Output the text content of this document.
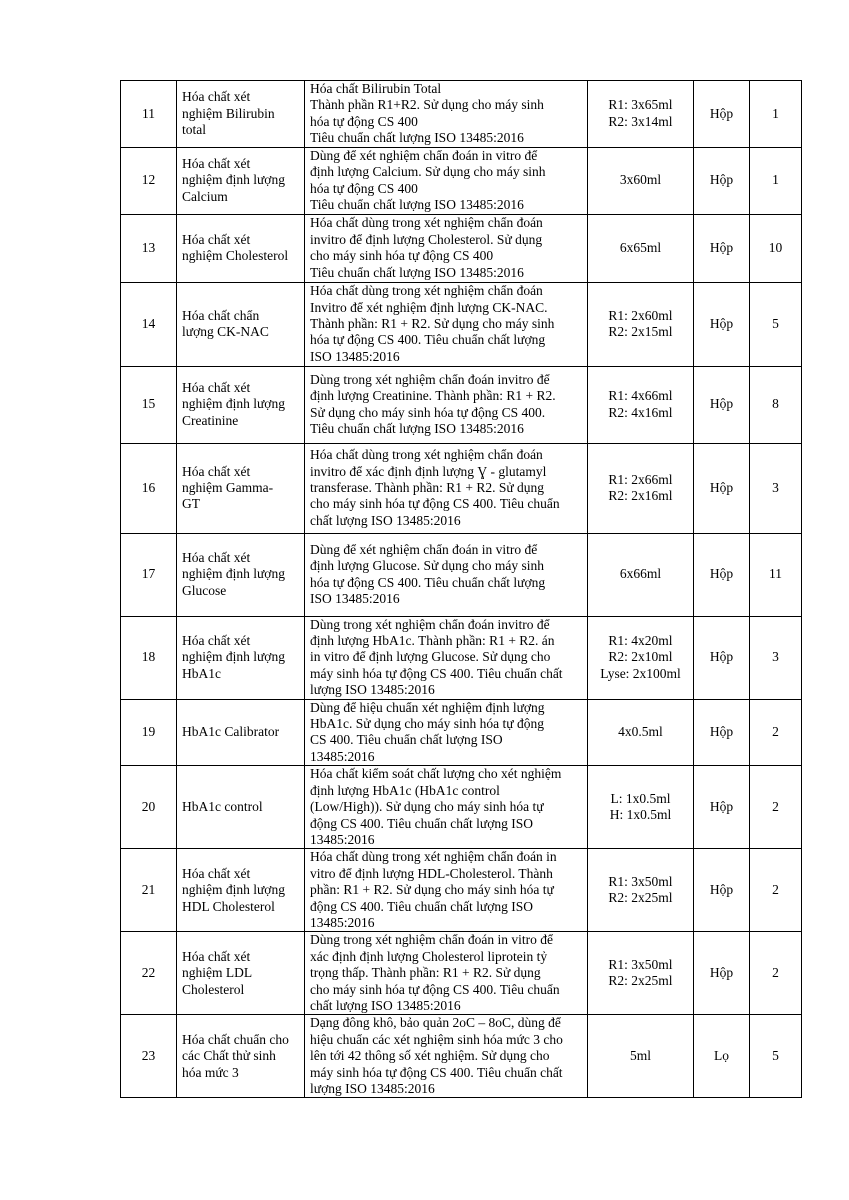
11	Hóa chất xét
nghiệm Bilirubin
total	Hóa chất Bilirubin Total
Thành phần R1+R2. Sử dụng cho máy sinh
hóa tự động CS 400
Tiêu chuẩn chất lượng ISO 13485:2016	R1: 3x65ml
R2: 3x14ml	Hộp	1
12	Hóa chất xét
nghiệm định lượng
Calcium	Dùng để xét nghiệm chẩn đoán in vitro để
định lượng Calcium. Sử dụng cho máy sinh
hóa tự động CS 400
Tiêu chuẩn chất lượng ISO 13485:2016	3x60ml	Hộp	1
13	Hóa chất xét
nghiệm Cholesterol	Hóa chất dùng trong xét nghiệm chẩn đoán
invitro để định lượng Cholesterol. Sử dụng
cho máy sinh hóa tự động CS 400
Tiêu chuẩn chất lượng ISO 13485:2016	6x65ml	Hộp	10
14	Hóa chất chẩn
lượng CK-NAC	Hóa chất dùng trong xét nghiệm chẩn đoán
Invitro để xét nghiệm định lượng CK-NAC.
Thành phần: R1 + R2. Sử dụng cho máy sinh
hóa tự động CS 400. Tiêu chuẩn chất lượng
ISO 13485:2016	R1: 2x60ml
R2: 2x15ml	Hộp	5
15	Hóa chất xét
nghiệm định lượng
Creatinine	Dùng trong xét nghiệm chẩn đoán invitro để
định lượng Creatinine. Thành phần: R1 + R2.
Sử dụng cho máy sinh hóa tự động CS 400.
Tiêu chuẩn chất lượng ISO 13485:2016	R1: 4x66ml
R2: 4x16ml	Hộp	8
16	Hóa chất xét
nghiệm Gamma-
GT	Hóa chất dùng trong xét nghiệm chẩn đoán
invitro để xác định định lượng Ɣ - glutamyl
transferase. Thành phần: R1 + R2. Sử dụng
cho máy sinh hóa tự động CS 400. Tiêu chuẩn
chất lượng ISO 13485:2016	R1: 2x66ml
R2: 2x16ml	Hộp	3
17	Hóa chất xét
nghiệm định lượng
Glucose	Dùng để xét nghiệm chẩn đoán in vitro để
định lượng Glucose. Sử dụng cho máy sinh
hóa tự động CS 400. Tiêu chuẩn chất lượng
ISO 13485:2016	6x66ml	Hộp	11
18	Hóa chất xét
nghiệm định lượng
HbA1c	Dùng trong xét nghiệm chẩn đoán invitro để
định lượng HbA1c. Thành phần: R1 + R2. án
in vitro để định lượng Glucose. Sử dụng cho
máy sinh hóa tự động CS 400. Tiêu chuẩn chất
lượng ISO 13485:2016	R1: 4x20ml
R2: 2x10ml
Lyse: 2x100ml	Hộp	3
19	HbA1c Calibrator	Dùng để hiệu chuẩn xét nghiệm định lượng
HbA1c. Sử dụng cho máy sinh hóa tự động
CS 400. Tiêu chuẩn chất lượng ISO
13485:2016	4x0.5ml	Hộp	2
20	HbA1c control	Hóa chất kiểm soát chất lượng cho xét nghiệm
định lượng HbA1c (HbA1c control
(Low/High)). Sử dụng cho máy sinh hóa tự
động CS 400. Tiêu chuẩn chất lượng ISO
13485:2016	L: 1x0.5ml
H: 1x0.5ml	Hộp	2
21	Hóa chất xét
nghiệm định lượng
HDL Cholesterol	Hóa chất dùng trong xét nghiệm chẩn đoán in
vitro để định lượng HDL-Cholesterol. Thành
phần: R1 + R2. Sử dụng cho máy sinh hóa tự
động CS 400. Tiêu chuẩn chất lượng ISO
13485:2016	R1: 3x50ml
R2: 2x25ml	Hộp	2
22	Hóa chất xét
nghiệm LDL
Cholesterol	Dùng trong xét nghiệm chẩn đoán in vitro để
xác định định lượng Cholesterol liprotein tỷ
trọng thấp. Thành phần: R1 + R2. Sử dụng
cho máy sinh hóa tự động CS 400. Tiêu chuẩn
chất lượng ISO 13485:2016	R1: 3x50ml
R2: 2x25ml	Hộp	2
23	Hóa chất chuẩn cho
các Chất thử sinh
hóa mức 3	Dạng đông khô, bảo quản 2oC – 8oC, dùng để
hiệu chuẩn các xét nghiệm sinh hóa mức 3 cho
lên tới 42 thông số xét nghiệm. Sử dụng cho
máy sinh hóa tự động CS 400. Tiêu chuẩn chất
lượng ISO 13485:2016	5ml	Lọ	5
